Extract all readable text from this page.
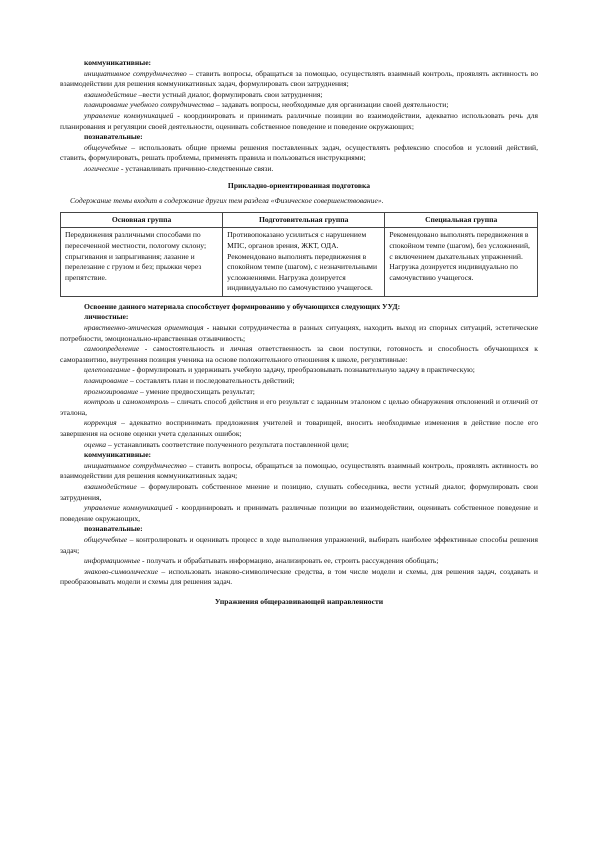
коммуникативные:

инициативное сотрудничество – ставить вопросы, обращаться за помощью, осуществлять взаимный контроль, проявлять активность во взаимодействии для решения коммуникативных задач, формулировать свои затруднения;

взаимодействие –вести устный диалог, формулировать свои затруднения;

планирование учебного сотрудничества – задавать вопросы, необходимые для организации своей деятельности;

управление коммуникацией - координировать и принимать различные позиции во взаимодействии, адекватно использовать речь для планирования и регуляции своей деятельности, оценивать собственное поведение и поведение окружающих;

познавательные:

общеучебные – использовать общие приемы решения поставленных задач, осуществлять рефлексию способов и условий действий, ставить, формулировать, решать проблемы, применять правила и пользоваться инструкциями;

логические - устанавливать причинно-следственные связи.

Прикладно-ориентированная подготовка

Содержание темы входит в содержание других тем раздела «Физическое совершенствование».

Основная группа	Подготовительная группа	Специальная группа
Передвижения различными способами по пересеченной местности, пологому склону; спрыгивания и запрыгивания; лазание и перелезание с грузом и без; прыжки через препятствие.	Противопоказано усилиться с нарушением МПС, органов зрения, ЖКТ, ОДА. Рекомендовано выполнять передвижения в спокойном темпе (шагом), с незначительными усложнениями. Нагрузка дозируется индивидуально по самочувствию учащегося.	Рекомендовано выполнять передвижения в спокойном темпе (шагом), без усложнений, с включением дыхательных упражнений. Нагрузка дозируется индивидуально по самочувствию учащегося.

Освоение данного материала способствует формированию у обучающихся следующих УУД:

личностные:

нравственно-этическая ориентация - навыки сотрудничества в разных ситуациях, находить выход из спорных ситуаций, эстетические потребности, эмоционально-нравственная отзывчивость;

самоопределение - самостоятельность и личная ответственность за свои поступки, готовность и способность обучающихся к саморазвитию, внутренняя позиция ученика на основе положительного отношения к школе, регулятивные:

целеполагание - формулировать и удерживать учебную задачу, преобразовывать познавательную задачу в практическую;

планирование – составлять план и последовательность действий;

прогнозирование – умение предвосхищать результат;

контроль и самоконтроль – сличать способ действия и его результат с заданным эталоном с целью обнаружения отклонений и отличий от эталона,

коррекция – адекватно воспринимать предложения учителей и товарищей, вносить необходимые изменения в действие после его завершения на основе оценки учета сделанных ошибок;

оценка – устанавливать соответствие полученного результата поставленной цели;

коммуникативные:

инициативное сотрудничество – ставить вопросы, обращаться за помощью, осуществлять взаимный контроль, проявлять активность во взаимодействии для решения коммуникативных задач;

взаимодействие – формулировать собственное мнение и позицию, слушать собеседника, вести устный диалог, формулировать свои затруднения,

управление коммуникацией - координировать и принимать различные позиции во взаимодействии, оценивать собственное поведение и поведение окружающих,

познавательные:

общеучебные – контролировать и оценивать процесс в ходе выполнения упражнений, выбирать наиболее эффективные способы решения задач;

информационные - получать и обрабатывать информацию, анализировать ее, строить рассуждения обобщать;

знаково-символические – использовать знаково-символические средства, в том числе модели и схемы, для решения задач, создавать и преобразовывать модели и схемы для решения задач.

Упражнения общеразвивающей направленности
